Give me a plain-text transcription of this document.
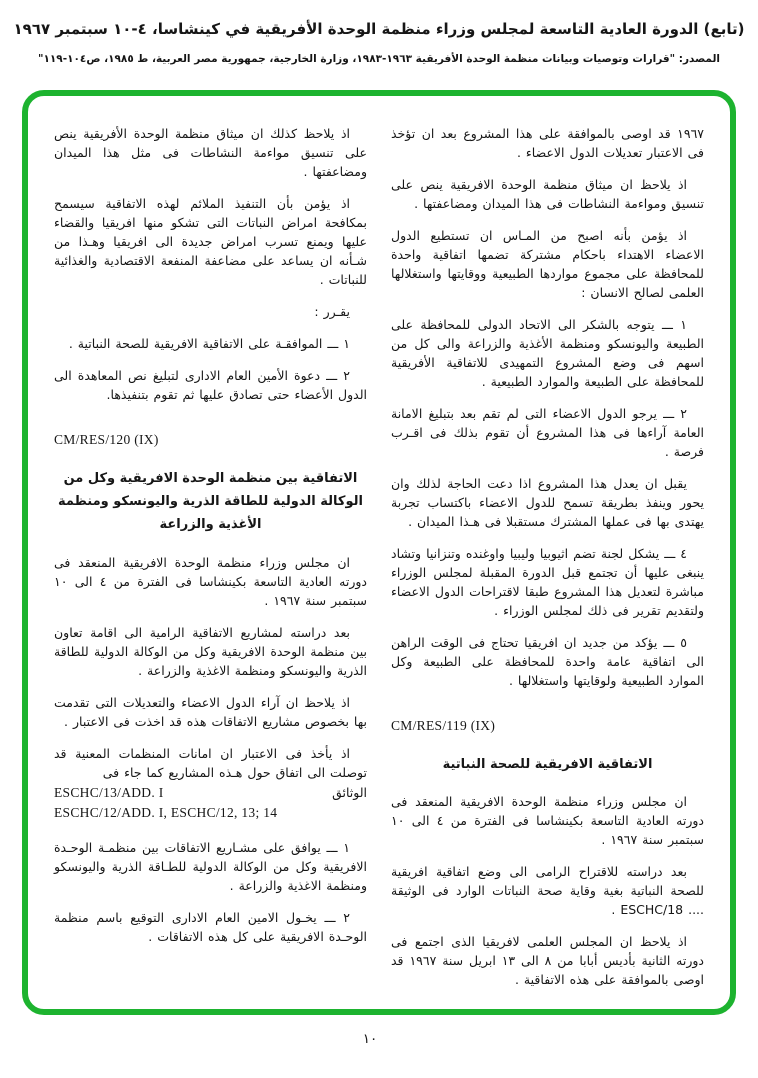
(تابع) الدورة العادية التاسعة لمجلس وزراء منظمة الوحدة الأفريقية في كينشاسا، ٤-١٠ سبتمبر ١٩٦٧
المصدر: "قرارات وتوصيات وبيانات منظمة الوحدة الأفريقية ١٩٦٣-١٩٨٣، وزارة الخارجية، جمهورية مصر العربية، ط ١٩٨٥، ص١٠٤-١١٩"
١٩٦٧ قد اوصى بالموافقة على هذا المشروع بعد ان تؤخذ فى الاعتبار تعديلات الدول الاعضاء .
اذ يلاحظ ان ميثاق منظمة الوحدة الافريقية ينص على تنسيق ومواءمة النشاطات فى هذا الميدان ومضاعفتها .
اذ يؤمن بأنه اصبح من المـاس ان تستطيع الدول الاعضاء الاهتداء باحكام مشتركة تضمها اتفاقية واحدة للمحافظة على مجموع مواردها الطبيعية ووقايتها واستغلالها العلمى لصالح الانسان :
١ ـــ يتوجه بالشكر الى الاتحاد الدولى للمحافظة على الطبيعة واليونسكو ومنظمة الأغذية والزراعة والى كل من اسهم فى وضع المشروع التمهيدى للاتفاقية الأفريقية للمحافظة على الطبيعة والموارد الطبيعية .
٢ ـــ يرجو الدول الاعضاء التى لم تقم بعد بتبليغ الامانة العامة آراءها فى هذا المشروع أن تقوم بذلك فى اقـرب فرصة .
يقبل ان يعدل هذا المشروع اذا دعت الحاجة لذلك وان يحور وينفذ بطريقة تسمح للدول الاعضاء باكتساب تجربة يهتدى بها فى عملها المشترك مستقبلا فى هـذا الميدان .
٤ ـــ يشكل لجنة تضم اثيوبيا وليبيا واوغنده وتنزانيا وتشاد ينبغى عليها أن تجتمع قبل الدورة المقبلة لمجلس الوزراء مباشرة لتعديل هذا المشروع طبقا لاقتراحات الدول الاعضاء ولتقديم تقرير فى ذلك لمجلس الوزراء .
٥ ـــ يؤكد من جديد ان افريقيا تحتاج فى الوقت الراهن الى اتفاقية عامة واحدة للمحافظة على الطبيعة وكل الموارد الطبيعية ولوقايتها واستغلالها .
CM/RES/119 (IX)
الاتفاقية الافريقية للصحة النباتية
ان مجلس وزراء منظمة الوحدة الافريقية المنعقد فى دورته العادية التاسعة بكينشاسا فى الفترة من ٤ الى ١٠ سبتمبر سنة ١٩٦٧ .
بعد دراسته للاقتراح الرامى الى وضع اتفاقية افريقية للصحة النباتية بغية وقاية صحة النباتات الوارد فى الوثيقة .... ESCHC/18 .
اذ يلاحظ ان المجلس العلمى لافريقيا الذى اجتمع فى دورته الثانية بأديس أبابا من ٨ الى ١٣ ابريل سنة ١٩٦٧ قد اوصى بالموافقة على هذه الاتفاقية .
اذ يلاحظ كذلك ان ميثاق منظمة الوحدة الأفريقية ينص على تنسيق مواءمة النشاطات فى مثل هذا الميدان ومضاعفتها .
اذ يؤمن بأن التنفيذ الملائم لهذه الاتفاقية سيسمح بمكافحة امراض النباتات التى تشكو منها افريقيا والقضاء عليها ويمنع تسرب امراض جديدة الى افريقيا وهـذا من شـأنه ان يساعد على مضاعفة المنفعة الاقتصادية والغذائية للنباتات .
يقـرر :
١ ـــ الموافقـة على الاتفاقية الافريقية للصحة النباتية .
٢ ـــ دعوة الأمين العام الادارى لتبليغ نص المعاهدة الى الدول الأعضاء حتى تصادق عليها ثم تقوم بتنفيذها.
CM/RES/120 (IX)
الاتفاقية بين منظمة الوحدة الافريقية وكل من الوكالة الدولية للطاقة الذرية واليونسكو ومنظمة الأغذية والزراعة
ان مجلس وزراء منظمة الوحدة الافريقية المنعقد فى دورته العادية التاسعة بكينشاسا فى الفترة من ٤ الى ١٠ سبتمبر سنة ١٩٦٧ .
بعد دراسته لمشاريع الاتفاقية الرامية الى اقامة تعاون بين منظمة الوحدة الافريقية وكل من الوكالة الدولية للطاقة الذرية واليونسكو ومنظمة الاغذية والزراعة .
اذ يلاحظ ان آراء الدول الاعضاء والتعديلات التى تقدمت بها بخصوص مشاريع الاتفاقات هذه قد اخذت فى الاعتبار .
اذ يأخذ فى الاعتبار ان امانات المنظمات المعنية قد توصلت الى اتفاق حول هـذه المشاريع كما جاء فى
ESCHC/13/ADD. I	الوثائق
ESCHC/12/ADD. I, ESCHC/12, 13; 14
١ ـــ يوافق على مشـاريع الاتفاقات بين منظمـة الوحـدة الافريقية وكل من الوكالة الدولية للطـاقة الذرية واليونسكو ومنظمة الاغذية والزراعة .
٢ ـــ يخـول الامين العام الادارى التوقيع باسم منظمة الوحـدة الافريقية على كل هذه الاتفاقات .
١٠
